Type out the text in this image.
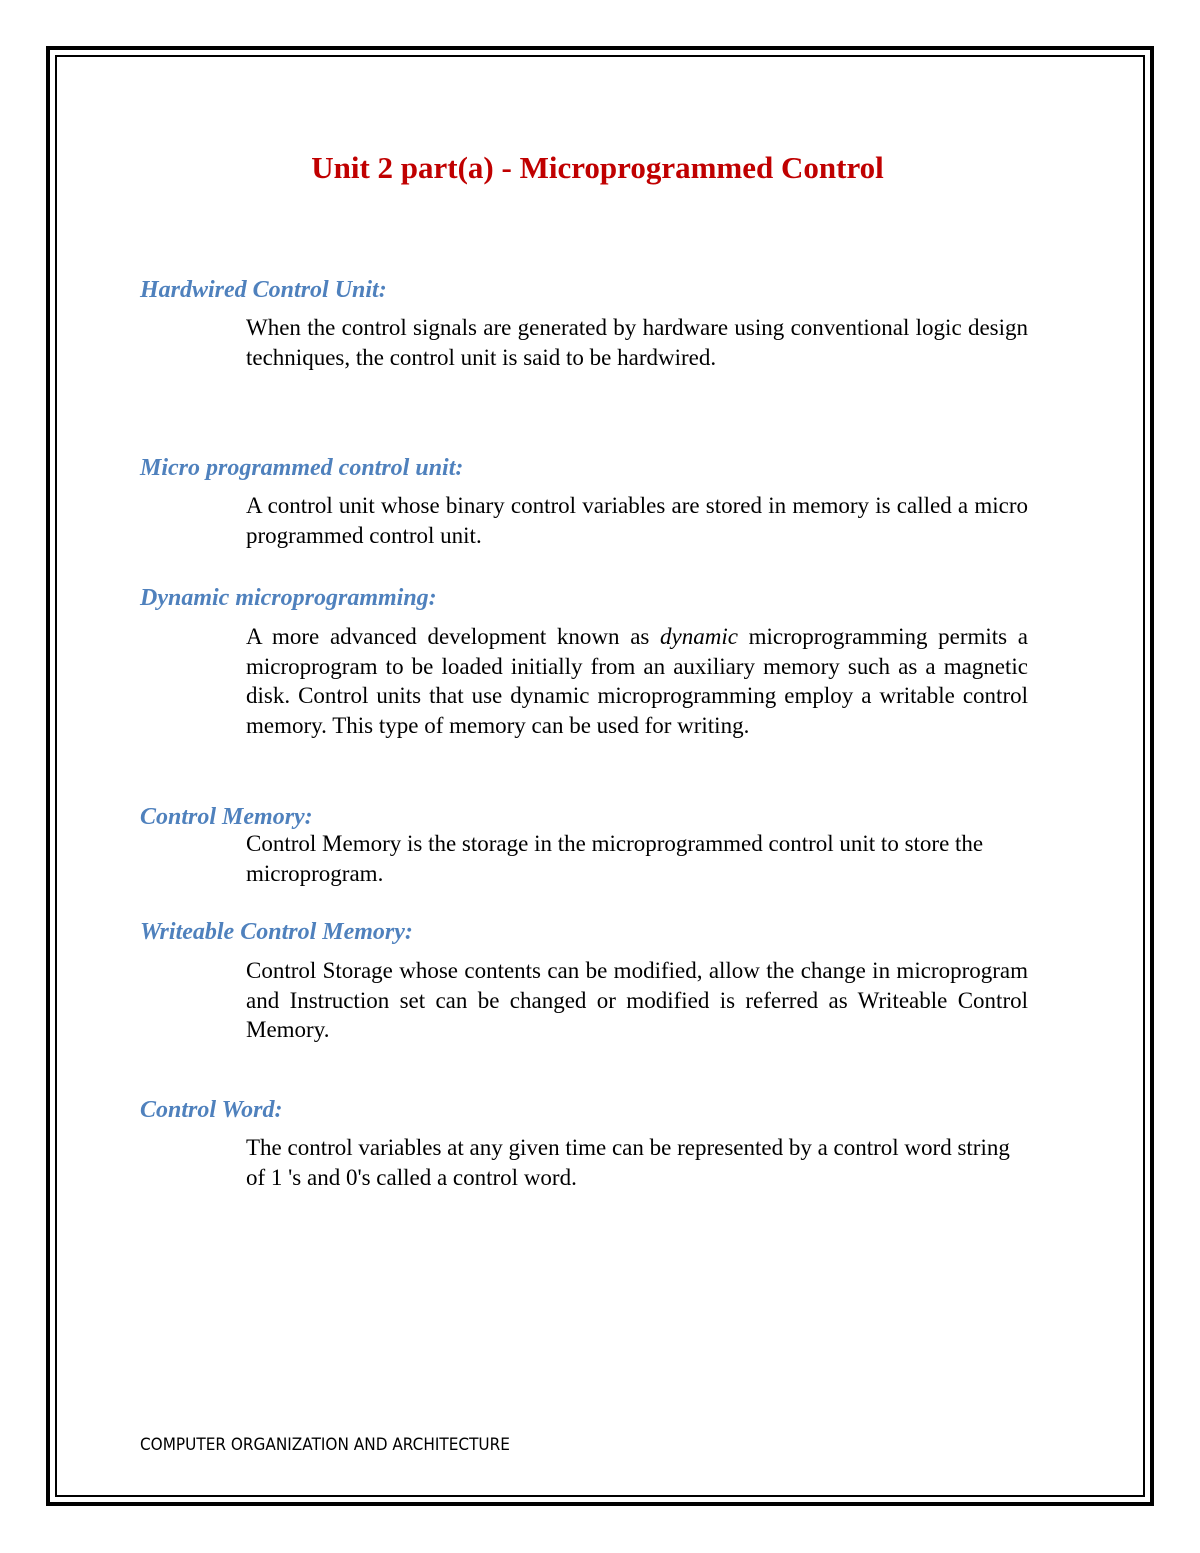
Unit 2 part(a) - Microprogrammed Control
Hardwired Control Unit:
When the control signals are generated by hardware using conventional logic design techniques, the control unit is said to be hardwired.
Micro programmed control unit:
A control unit whose binary control variables are stored in memory is called a micro programmed control unit.
Dynamic microprogramming:
A more advanced development known as dynamic microprogramming permits a microprogram to be loaded initially from an auxiliary memory such as a magnetic disk. Control units that use dynamic microprogramming employ a writable control memory. This type of memory can be used for writing.
Control Memory:
Control Memory is the storage in the microprogrammed control unit to store the microprogram.
Writeable Control Memory:
Control Storage whose contents can be modified, allow the change in microprogram and Instruction set can be changed or modified is referred as Writeable Control Memory.
Control Word:
The control variables at any given time can be represented by a control word string of 1 's and 0's called a control word.
COMPUTER ORGANIZATION AND ARCHITECTURE
